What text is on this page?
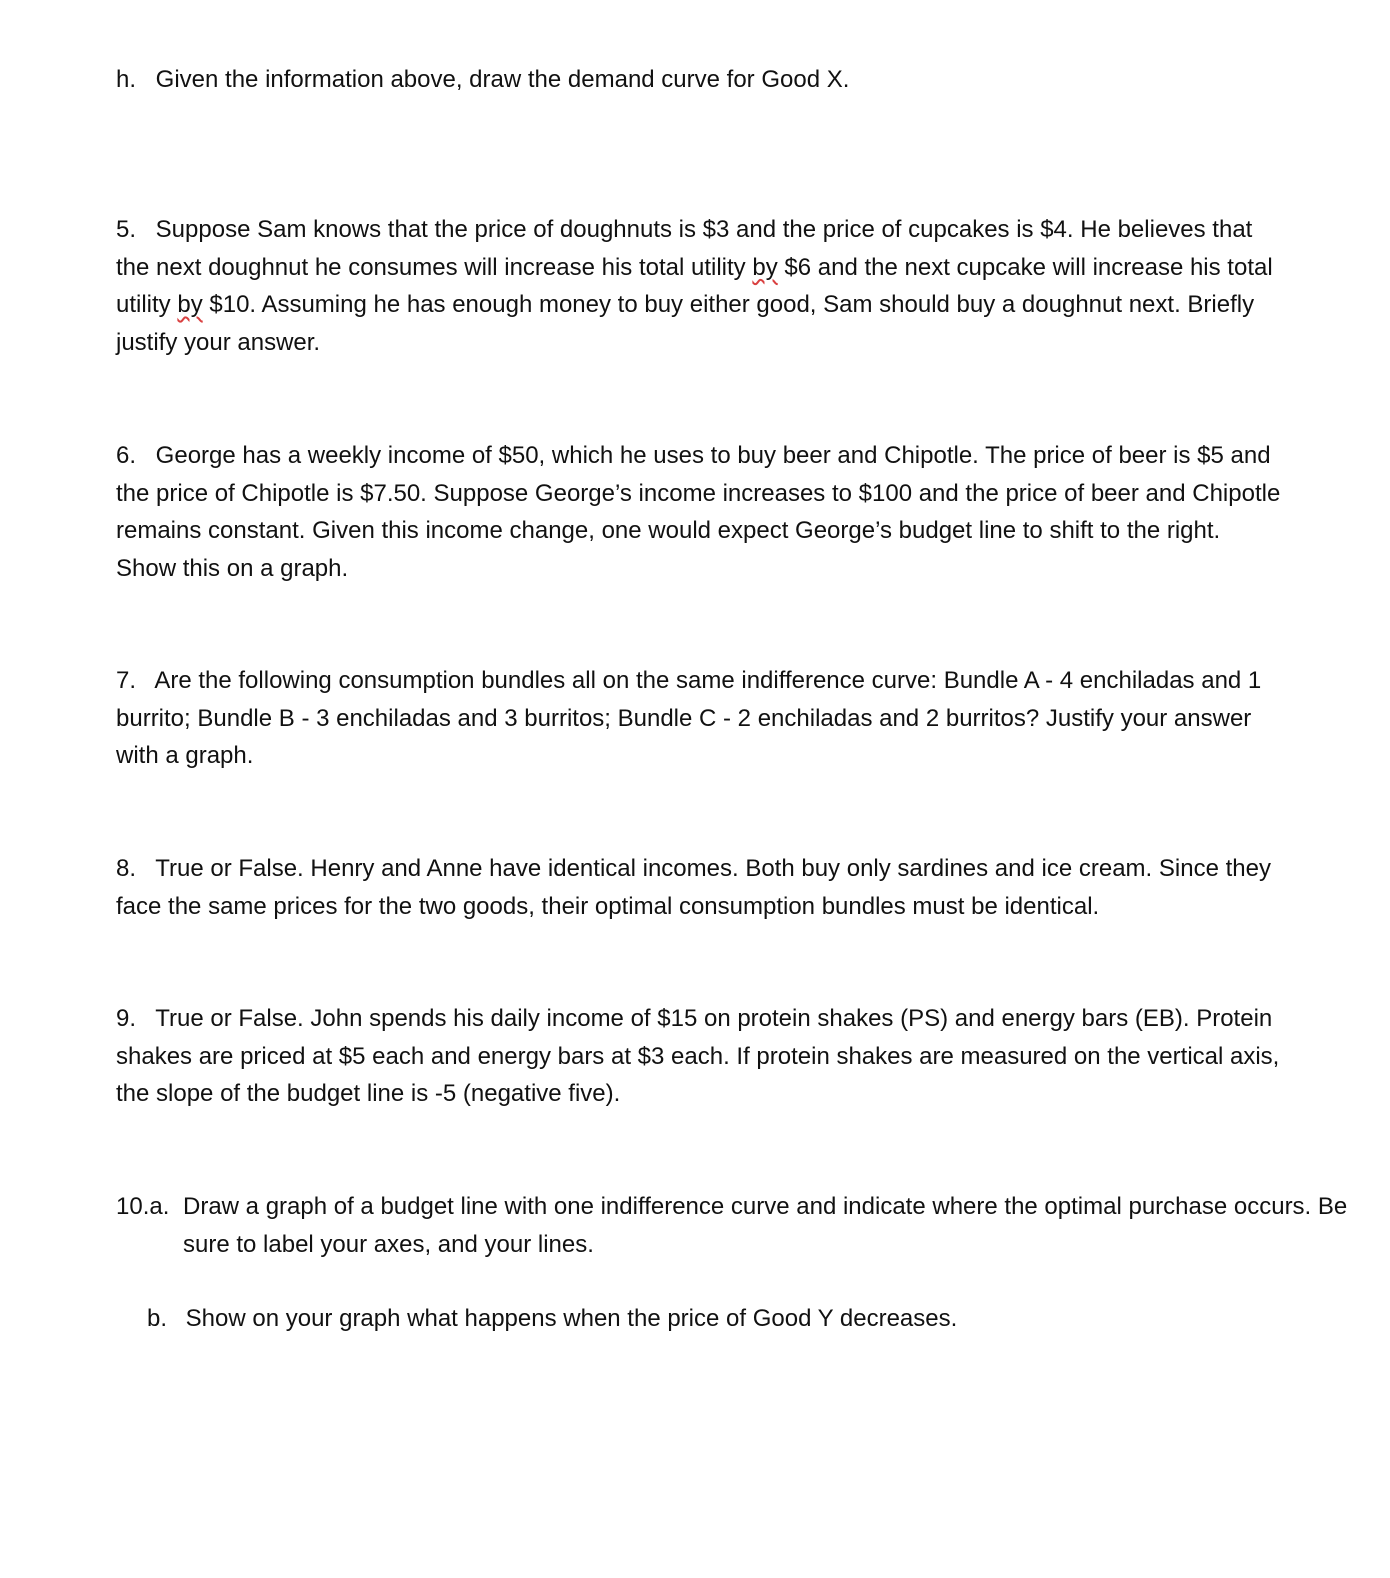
h. Given the information above, draw the demand curve for Good X.

5. Suppose Sam knows that the price of doughnuts is $3 and the price of cupcakes is $4. He believes that the next doughnut he consumes will increase his total utility by $6 and the next cupcake will increase his total utility by $10. Assuming he has enough money to buy either good, Sam should buy a doughnut next. Briefly justify your answer.

6. George has a weekly income of $50, which he uses to buy beer and Chipotle. The price of beer is $5 and the price of Chipotle is $7.50. Suppose George’s income increases to $100 and the price of beer and Chipotle remains constant. Given this income change, one would expect George’s budget line to shift to the right. Show this on a graph.

7. Are the following consumption bundles all on the same indifference curve: Bundle A - 4 enchiladas and 1 burrito; Bundle B - 3 enchiladas and 3 burritos; Bundle C - 2 enchiladas and 2 burritos? Justify your answer with a graph.

8. True or False. Henry and Anne have identical incomes. Both buy only sardines and ice cream. Since they face the same prices for the two goods, their optimal consumption bundles must be identical.

9. True or False. John spends his daily income of $15 on protein shakes (PS) and energy bars (EB). Protein shakes are priced at $5 each and energy bars at $3 each. If protein shakes are measured on the vertical axis, the slope of the budget line is -5 (negative five).

10.a. Draw a graph of a budget line with one indifference curve and indicate where the optimal purchase occurs. Be sure to label your axes, and your lines.

b. Show on your graph what happens when the price of Good Y decreases.
